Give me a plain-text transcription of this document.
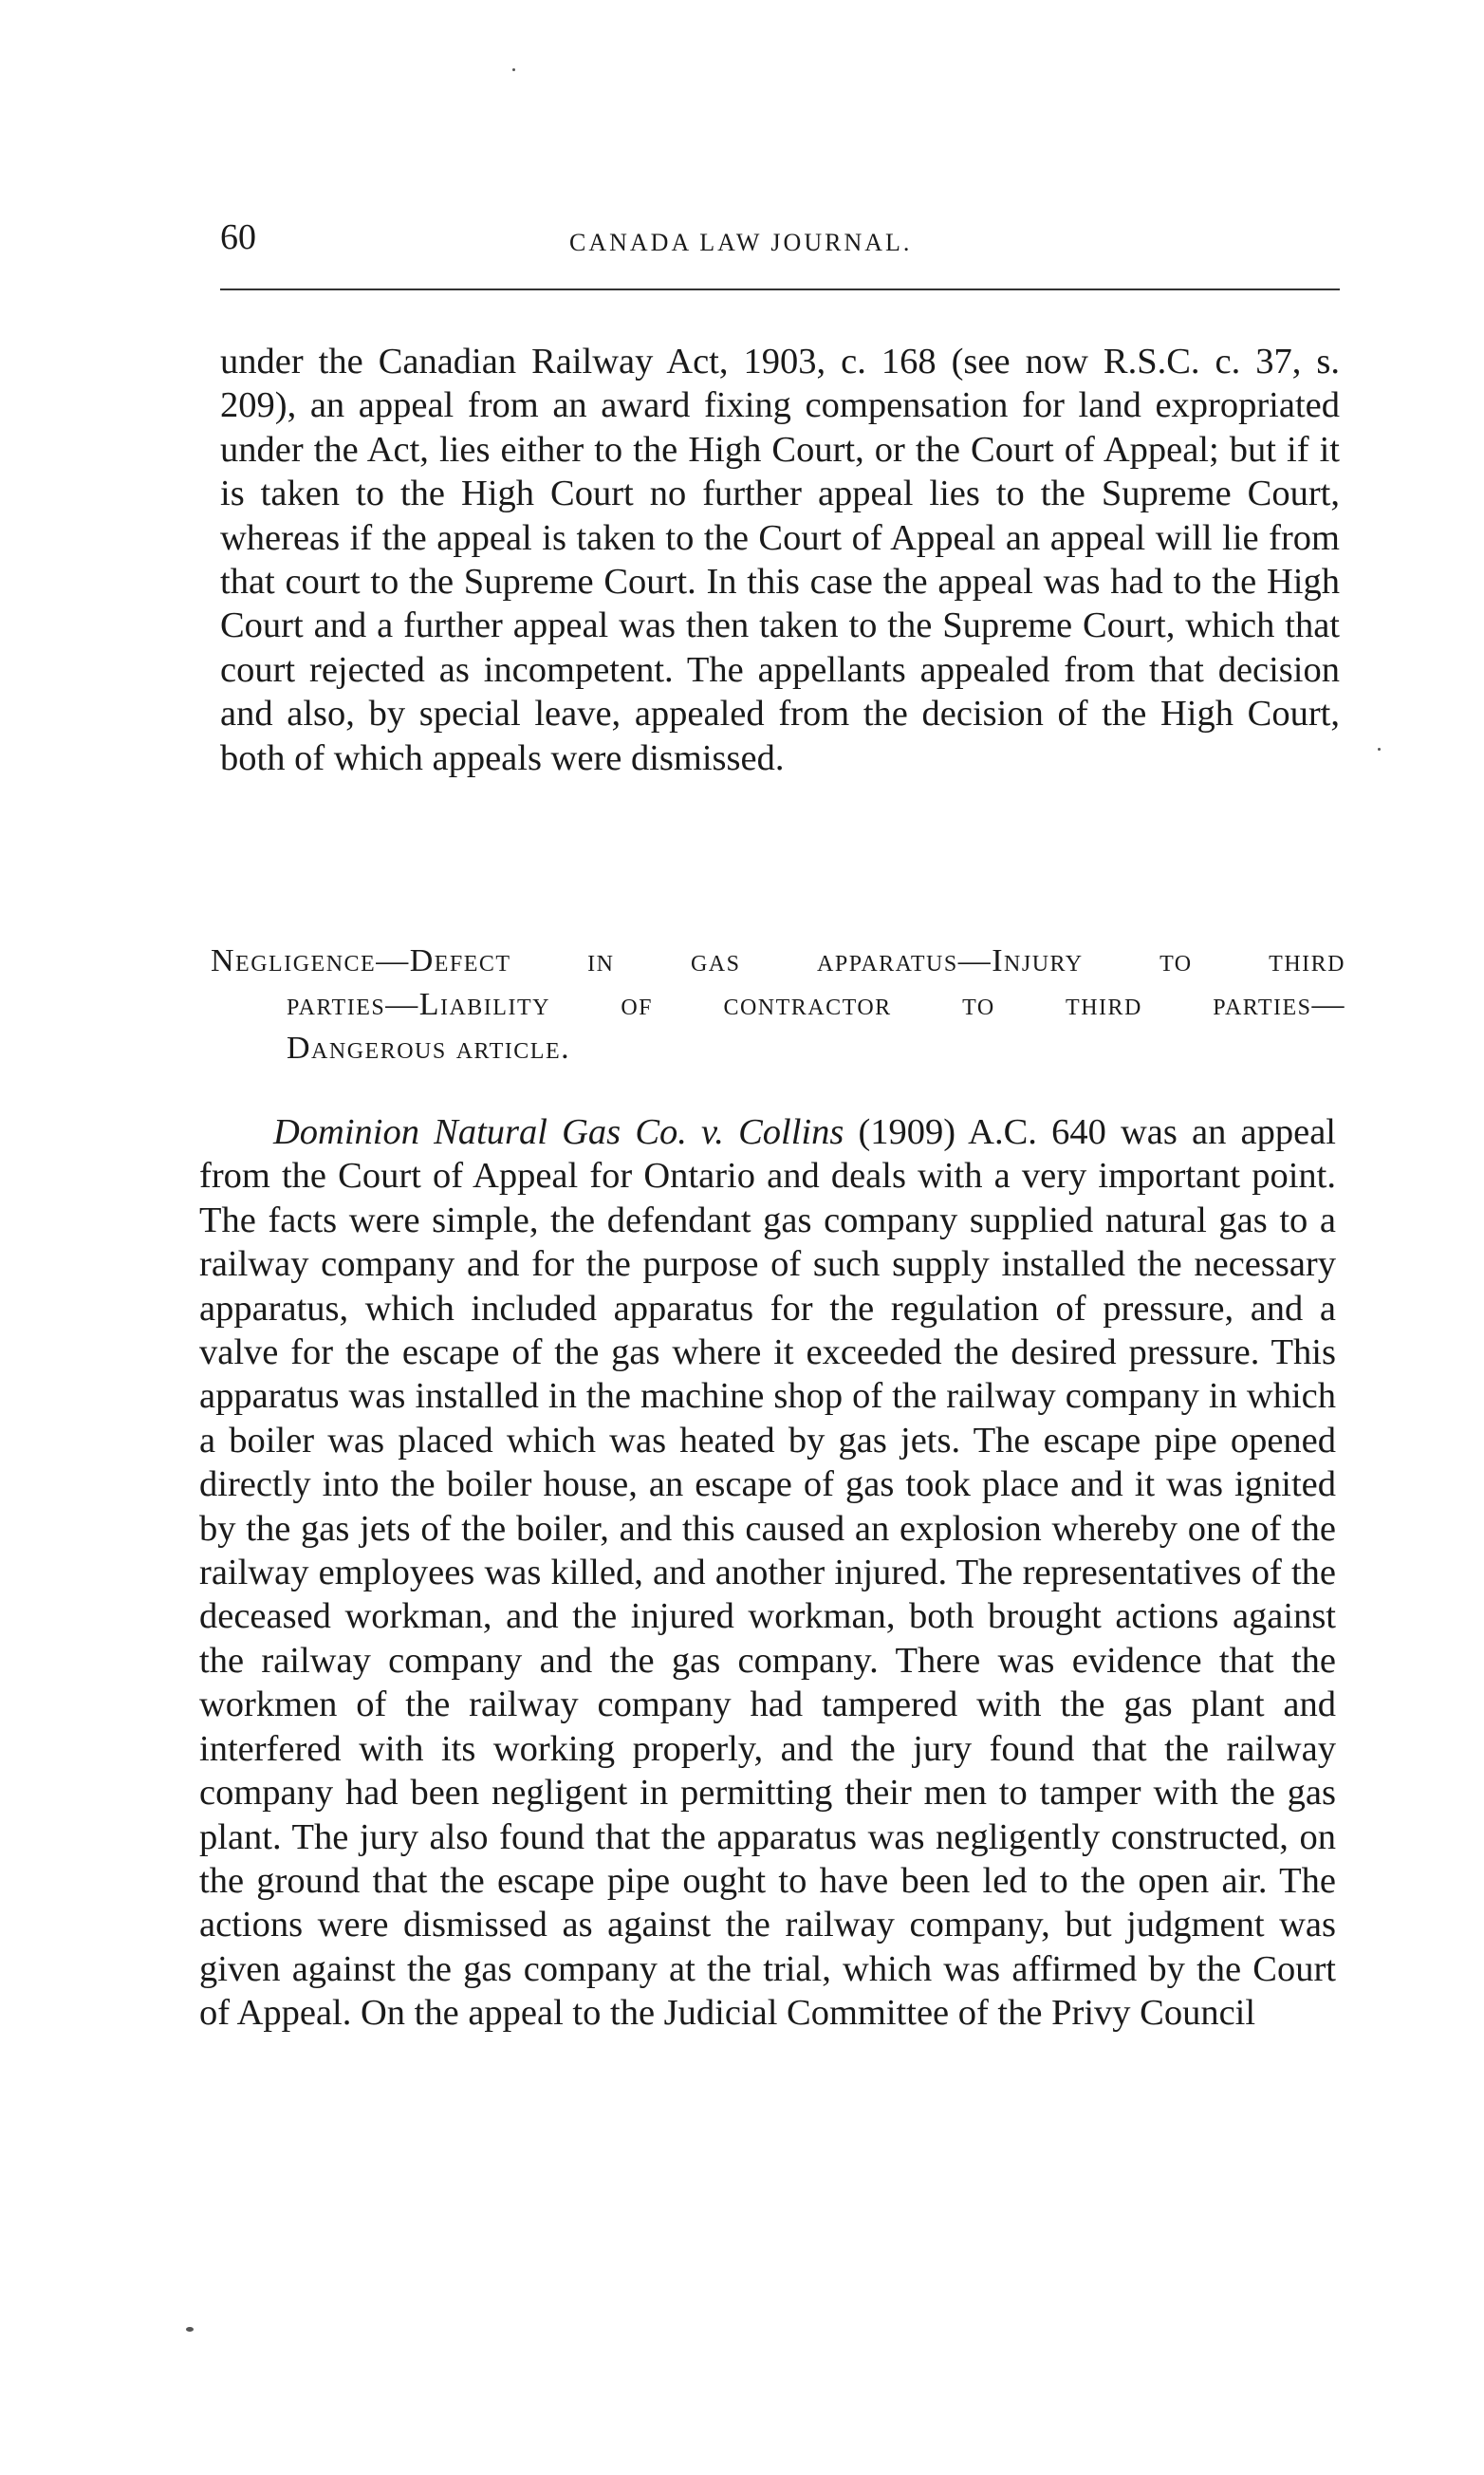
60	CANADA LAW JOURNAL.

under the Canadian Railway Act, 1903, c. 168 (see now R.S.C. c. 37, s. 209), an appeal from an award fixing compensation for land expropriated under the Act, lies either to the High Court, or the Court of Appeal; but if it is taken to the High Court no further appeal lies to the Supreme Court, whereas if the appeal is taken to the Court of Appeal an appeal will lie from that court to the Supreme Court. In this case the appeal was had to the High Court and a further appeal was then taken to the Supreme Court, which that court rejected as incompetent. The appellants appealed from that decision and also, by special leave, appealed from the decision of the High Court, both of which appeals were dismissed.

Negligence—Defect in gas apparatus—Injury to third
parties—Liability of contractor to third parties—
Dangerous article.

Dominion Natural Gas Co. v. Collins (1909) A.C. 640 was an appeal from the Court of Appeal for Ontario and deals with a very important point. The facts were simple, the defendant gas company supplied natural gas to a railway company and for the purpose of such supply installed the necessary apparatus, which included apparatus for the regulation of pressure, and a valve for the escape of the gas where it exceeded the desired pressure. This apparatus was installed in the machine shop of the railway company in which a boiler was placed which was heated by gas jets. The escape pipe opened directly into the boiler house, an escape of gas took place and it was ignited by the gas jets of the boiler, and this caused an explosion whereby one of the railway employees was killed, and another injured. The representatives of the deceased workman, and the injured workman, both brought actions against the railway company and the gas company. There was evidence that the workmen of the railway company had tampered with the gas plant and interfered with its working properly, and the jury found that the railway company had been negligent in permitting their men to tamper with the gas plant. The jury also found that the apparatus was negligently constructed, on the ground that the escape pipe ought to have been led to the open air. The actions were dismissed as against the railway company, but judgment was given against the gas company at the trial, which was affirmed by the Court of Appeal. On the appeal to the Judicial Committee of the Privy Council
